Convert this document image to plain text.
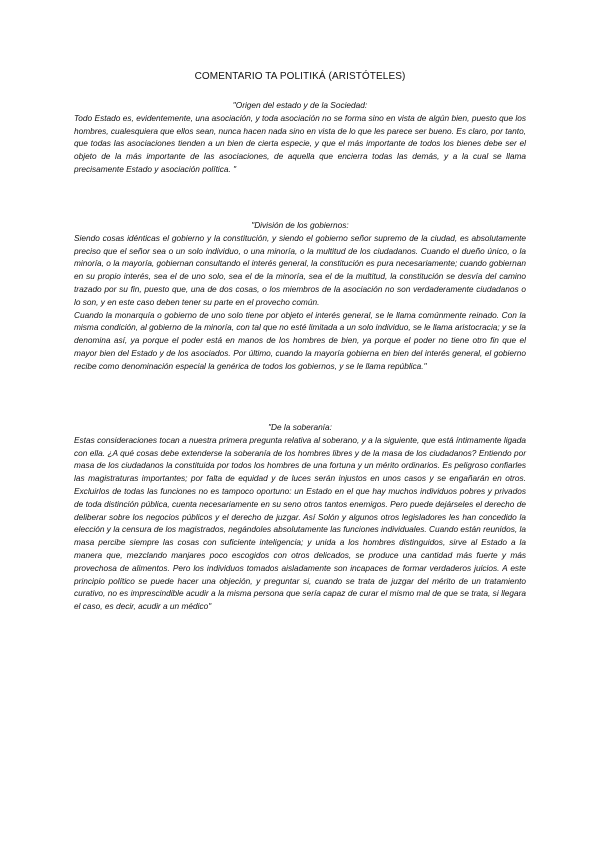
COMENTARIO TA POLITIKÁ (ARISTÓTELES)

"Origen del estado y de la Sociedad:

Todo Estado es, evidentemente, una asociación, y toda asociación no se forma sino en vista de algún bien, puesto que los hombres, cualesquiera que ellos sean, nunca hacen nada sino en vista de lo que les parece ser bueno. Es claro, por tanto, que todas las asociaciones tienden a un bien de cierta especie, y que el más importante de todos los bienes debe ser el objeto de la más importante de las asociaciones, de aquella que encierra todas las demás, y a la cual se llama precisamente Estado y asociación política. "

"División de los gobiernos:

Siendo cosas idénticas el gobierno y la constitución, y siendo el gobierno señor supremo de la ciudad, es absolutamente preciso que el señor sea o un solo individuo, o una minoría, o la multitud de los ciudadanos. Cuando el dueño único, o la minoría, o la mayoría, gobiernan consultando el interés general, la constitución es pura necesariamente; cuando gobiernan en su propio interés, sea el de uno solo, sea el de la minoría, sea el de la multitud, la constitución se desvía del camino trazado por su fin, puesto que, una de dos cosas, o los miembros de la asociación no son verdaderamente ciudadanos o lo son, y en este caso deben tener su parte en el provecho común.

Cuando la monarquía o gobierno de uno solo tiene por objeto el interés general, se le llama comúnmente reinado. Con la misma condición, al gobierno de la minoría, con tal que no esté limitada a un solo individuo, se le llama aristocracia; y se la denomina así, ya porque el poder está en manos de los hombres de bien, ya porque el poder no tiene otro fin que el mayor bien del Estado y de los asociados. Por último, cuando la mayoría gobierna en bien del interés general, el gobierno recibe como denominación especial la genérica de todos los gobiernos, y se le llama república."

"De la soberanía:

Estas consideraciones tocan a nuestra primera pregunta relativa al soberano, y a la siguiente, que está íntimamente ligada con ella. ¿A qué cosas debe extenderse la soberanía de los hombres libres y de la masa de los ciudadanos? Entiendo por masa de los ciudadanos la constituida por todos los hombres de una fortuna y un mérito ordinarios. Es peligroso confiarles las magistraturas importantes; por falta de equidad y de luces serán injustos en unos casos y se engañarán en otros. Excluirlos de todas las funciones no es tampoco oportuno: un Estado en el que hay muchos individuos pobres y privados de toda distinción pública, cuenta necesariamente en su seno otros tantos enemigos. Pero puede dejárseles el derecho de deliberar sobre los negocios públicos y el derecho de juzgar. Así Solón y algunos otros legisladores les han concedido la elección y la censura de los magistrados, negándoles absolutamente las funciones individuales. Cuando están reunidos, la masa percibe siempre las cosas con suficiente inteligencia; y unida a los hombres distinguidos, sirve al Estado a la manera que, mezclando manjares poco escogidos con otros delicados, se produce una cantidad más fuerte y más provechosa de alimentos. Pero los individuos tomados aisladamente son incapaces de formar verdaderos juicios. A este principio político se puede hacer una objeción, y preguntar si, cuando se trata de juzgar del mérito de un tratamiento curativo, no es imprescindible acudir a la misma persona que sería capaz de curar el mismo mal de que se trata, si llegara el caso, es decir, acudir a un médico"
